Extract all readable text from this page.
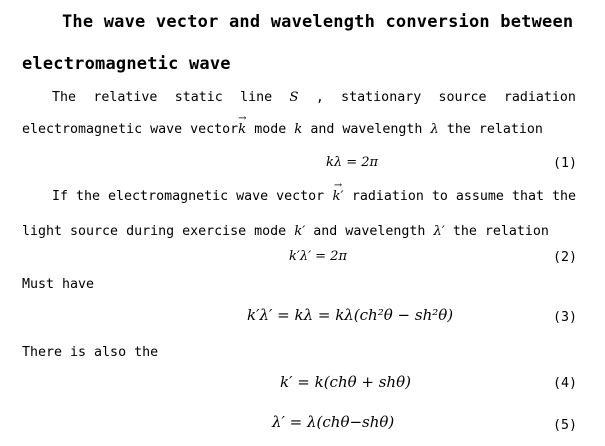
The wave vector and wavelength conversion between
electromagnetic wave
The relative static line S , stationary source radiation
electromagnetic wave vector
→
k mode k and wavelength λ the relation
kλ = 2π	(1)
If the electromagnetic wave vector
→
k′ radiation to assume that the
light source during exercise mode k′ and wavelength λ′ the relation
k′λ′ = 2π	(2)
Must have
k′λ′ = kλ = kλ(ch²θ − sh²θ)	(3)
There is also the
k′ = k(chθ + shθ)	(4)
λ′ = λ(chθ−shθ)	(5)
